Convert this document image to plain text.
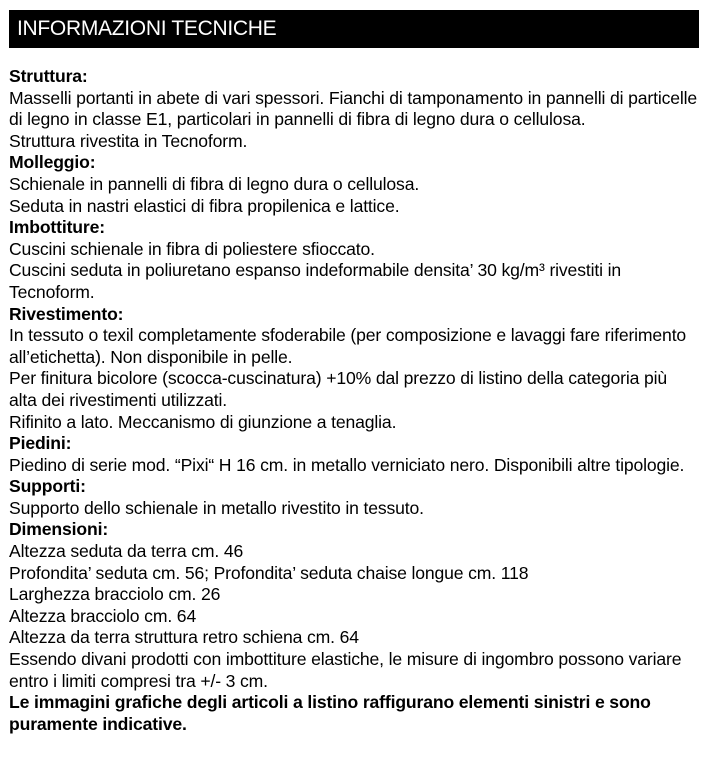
INFORMAZIONI TECNICHE

Struttura:

Masselli portanti in abete di vari spessori. Fianchi di tamponamento in pannelli di particelle di legno in classe E1, particolari in pannelli di fibra di legno dura o cellulosa.

Struttura rivestita in Tecnoform.

Molleggio:

Schienale in pannelli di fibra di legno dura o cellulosa.

Seduta in nastri elastici di fibra propilenica e lattice.

Imbottiture:

Cuscini schienale in fibra di poliestere sfioccato.

Cuscini seduta in poliuretano espanso indeformabile densita’ 30 kg/m³ rivestiti in Tecnoform.

Rivestimento:

In tessuto o texil completamente sfoderabile (per composizione e lavaggi fare riferimento all’etichetta). Non disponibile in pelle.

Per finitura bicolore (scocca-cuscinatura) +10% dal prezzo di listino della categoria più alta dei rivestimenti utilizzati.

Rifinito a lato. Meccanismo di giunzione a tenaglia.

Piedini:

Piedino di serie mod. “Pixi“ H 16 cm. in metallo verniciato nero. Disponibili altre tipologie.

Supporti:

Supporto dello schienale in metallo rivestito in tessuto.

Dimensioni:

Altezza seduta da terra cm. 46

Profondita’ seduta cm. 56; Profondita’ seduta chaise longue cm. 118

Larghezza bracciolo cm. 26

Altezza bracciolo cm. 64

Altezza da terra struttura retro schiena cm. 64

Essendo divani prodotti con imbottiture elastiche, le misure di ingombro possono variare entro i limiti compresi tra +/- 3 cm.

Le immagini grafiche degli articoli a listino raffigurano elementi sinistri e sono puramente indicative.
